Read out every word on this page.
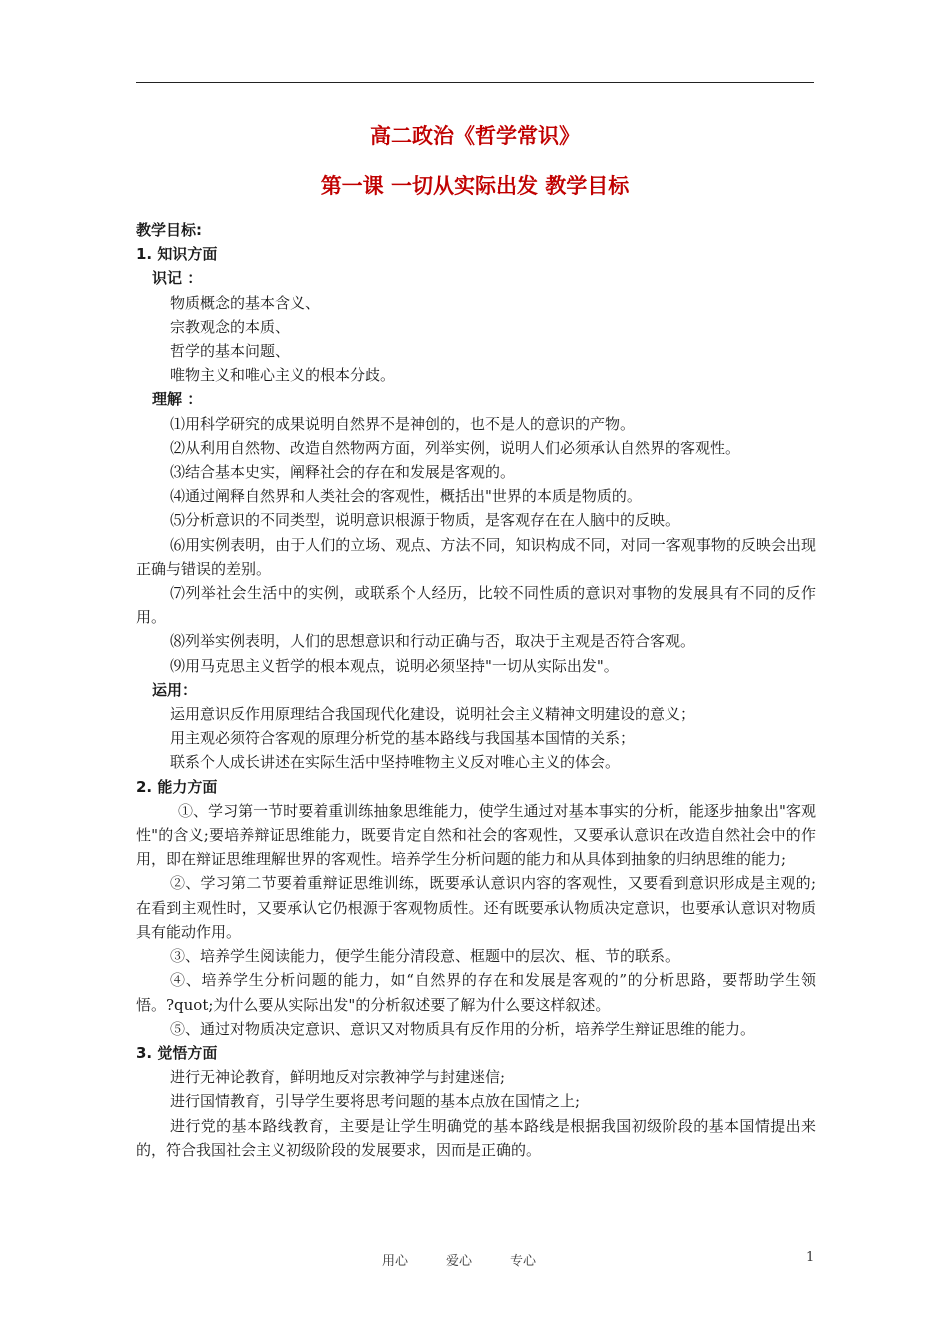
高二政治《哲学常识》
第一课 一切从实际出发 教学目标

教学目标:

1. 知识方面

识记 ：

物质概念的基本含义、

宗教观念的本质、

哲学的基本问题、

唯物主义和唯心主义的根本分歧。

理解 ：

⑴用科学研究的成果说明自然界不是神创的，也不是人的意识的产物。

⑵从利用自然物、改造自然物两方面，列举实例，说明人们必须承认自然界的客观性。

⑶结合基本史实，阐释社会的存在和发展是客观的。

⑷通过阐释自然界和人类社会的客观性，概括出"世界的本质是物质的。

⑸分析意识的不同类型，说明意识根源于物质，是客观存在在人脑中的反映。

⑹用实例表明，由于人们的立场、观点、方法不同，知识构成不同，对同一客观事物的反映会出现正确与错误的差别。

⑺列举社会生活中的实例，或联系个人经历，比较不同性质的意识对事物的发展具有不同的反作用。

⑻列举实例表明，人们的思想意识和行动正确与否，取决于主观是否符合客观。

⑼用马克思主义哲学的根本观点，说明必须坚持"一切从实际出发"。

运用：

运用意识反作用原理结合我国现代化建设，说明社会主义精神文明建设的意义；

用主观必须符合客观的原理分析党的基本路线与我国基本国情的关系；

联系个人成长讲述在实际生活中坚持唯物主义反对唯心主义的体会。

2. 能力方面

①、学习第一节时要着重训练抽象思维能力，使学生通过对基本事实的分析，能逐步抽象出"客观性"的含义;要培养辩证思维能力，既要肯定自然和社会的客观性，又要承认意识在改造自然社会中的作用，即在辩证思维理解世界的客观性。培养学生分析问题的能力和从具体到抽象的归纳思维的能力;

②、学习第二节要着重辩证思维训练，既要承认意识内容的客观性，又要看到意识形成是主观的;在看到主观性时，又要承认它仍根源于客观物质性。还有既要承认物质决定意识，也要承认意识对物质具有能动作用。

③、培养学生阅读能力，便学生能分清段意、框题中的层次、框、节的联系。

④、培养学生分析问题的能力，如“自然界的存在和发展是客观的”的分析思路，要帮助学生领悟。?quot;为什么要从实际出发"的分析叙述要了解为什么要这样叙述。

⑤、通过对物质决定意识、意识又对物质具有反作用的分析，培养学生辩证思维的能力。

3. 觉悟方面

进行无神论教育，鲜明地反对宗教神学与封建迷信;

进行国情教育，引导学生要将思考问题的基本点放在国情之上;

进行党的基本路线教育，主要是让学生明确党的基本路线是根据我国初级阶段的基本国情提出来的，符合我国社会主义初级阶段的发展要求，因而是正确的。

用心	爱心	专心	1
